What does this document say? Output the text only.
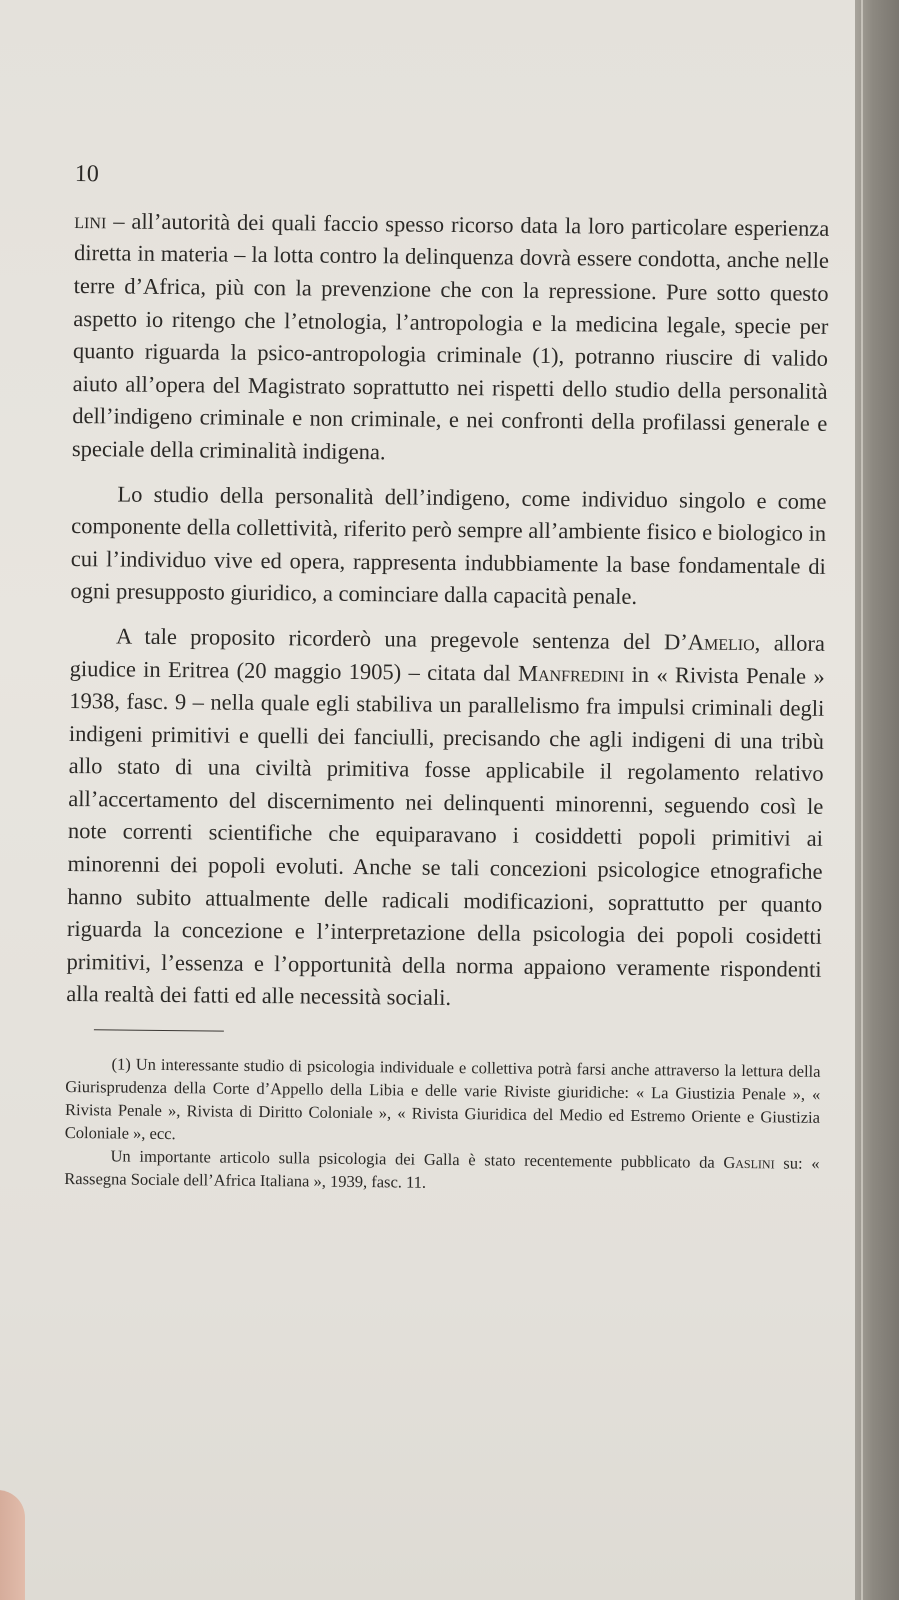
10

lini – all’autorità dei quali faccio spesso ricorso data la loro particolare esperienza diretta in materia – la lotta contro la delinquenza dovrà essere condotta, anche nelle terre d’Africa, più con la prevenzione che con la repressione. Pure sotto questo aspetto io ritengo che l’etnologia, l’antropologia e la medicina legale, specie per quanto riguarda la psico-antropologia criminale (1), potranno riuscire di valido aiuto all’opera del Magistrato soprattutto nei rispetti dello studio della personalità dell’indigeno criminale e non criminale, e nei confronti della profilassi generale e speciale della criminalità indigena.

Lo studio della personalità dell’indigeno, come individuo singolo e come componente della collettività, riferito però sempre all’ambiente fisico e biologico in cui l’individuo vive ed opera, rappresenta indubbiamente la base fondamentale di ogni presupposto giuridico, a cominciare dalla capacità penale.

A tale proposito ricorderò una pregevole sentenza del D’Amelio, allora giudice in Eritrea (20 maggio 1905) – citata dal Manfredini in « Rivista Penale » 1938, fasc. 9 – nella quale egli stabiliva un parallelismo fra impulsi criminali degli indigeni primitivi e quelli dei fanciulli, precisando che agli indigeni di una tribù allo stato di una civiltà primitiva fosse applicabile il regolamento relativo all’accertamento del discernimento nei delinquenti minorenni, seguendo così le note correnti scientifiche che equiparavano i cosiddetti popoli primitivi ai minorenni dei popoli evoluti. Anche se tali concezioni psicologice etnografiche hanno subito attualmente delle radicali modificazioni, soprattutto per quanto riguarda la concezione e l’interpretazione della psicologia dei popoli cosidetti primitivi, l’essenza e l’opportunità della norma appaiono veramente rispondenti alla realtà dei fatti ed alle necessità sociali.

(1) Un interessante studio di psicologia individuale e collettiva potrà farsi anche attraverso la lettura della Giurisprudenza della Corte d’Appello della Libia e delle varie Riviste giuridiche: « La Giustizia Penale », « Rivista Penale », Rivista di Diritto Coloniale », « Rivista Giuridica del Medio ed Estremo Oriente e Giustizia Coloniale », ecc.

Un importante articolo sulla psicologia dei Galla è stato recentemente pubblicato da Gaslini su: « Rassegna Sociale dell’Africa Italiana », 1939, fasc. 11.
